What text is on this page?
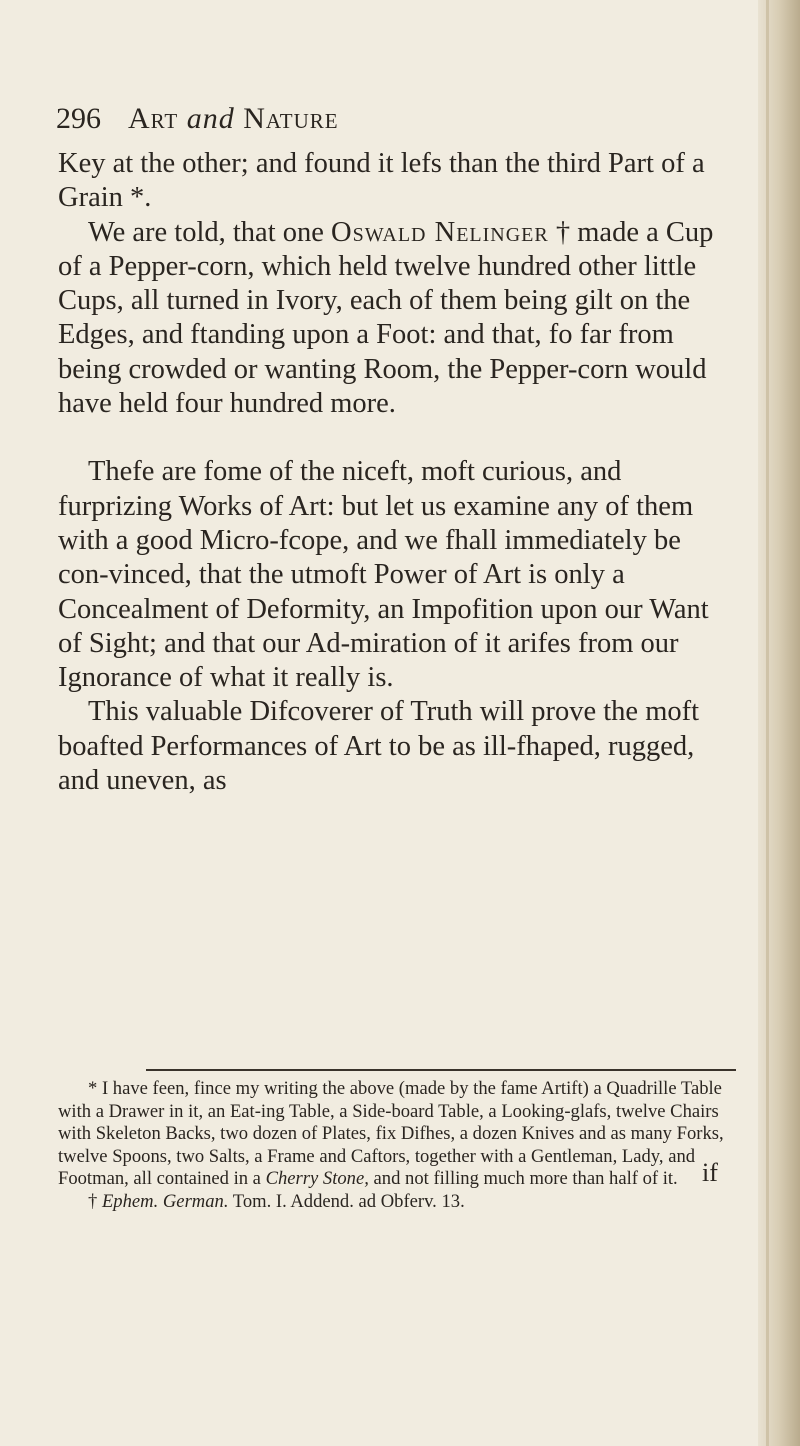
296 Art and Nature

Key at the other; and found it lefs than the third Part of a Grain *.

We are told, that one Oswald Nelinger † made a Cup of a Pepper-corn, which held twelve hundred other little Cups, all turned in Ivory, each of them being gilt on the Edges, and ftanding upon a Foot: and that, fo far from being crowded or wanting Room, the Pepper-corn would have held four hundred more.

Thefe are fome of the niceft, moft curious, and furprizing Works of Art: but let us examine any of them with a good Micro-fcope, and we fhall immediately be con-vinced, that the utmoft Power of Art is only a Concealment of Deformity, an Impofition upon our Want of Sight; and that our Ad-miration of it arifes from our Ignorance of what it really is.

This valuable Difcoverer of Truth will prove the moft boafted Performances of Art to be as ill-fhaped, rugged, and uneven, as

* I have feen, fince my writing the above (made by the fame Artift) a Quadrille Table with a Drawer in it, an Eat-ing Table, a Side-board Table, a Looking-glafs, twelve Chairs with Skeleton Backs, two dozen of Plates, fix Difhes, a dozen Knives and as many Forks, twelve Spoons, two Salts, a Frame and Caftors, together with a Gentleman, Lady, and Footman, all contained in a Cherry Stone, and not filling much more than half of it.

† Ephem. German. Tom. I. Addend. ad Obferv. 13.

if
